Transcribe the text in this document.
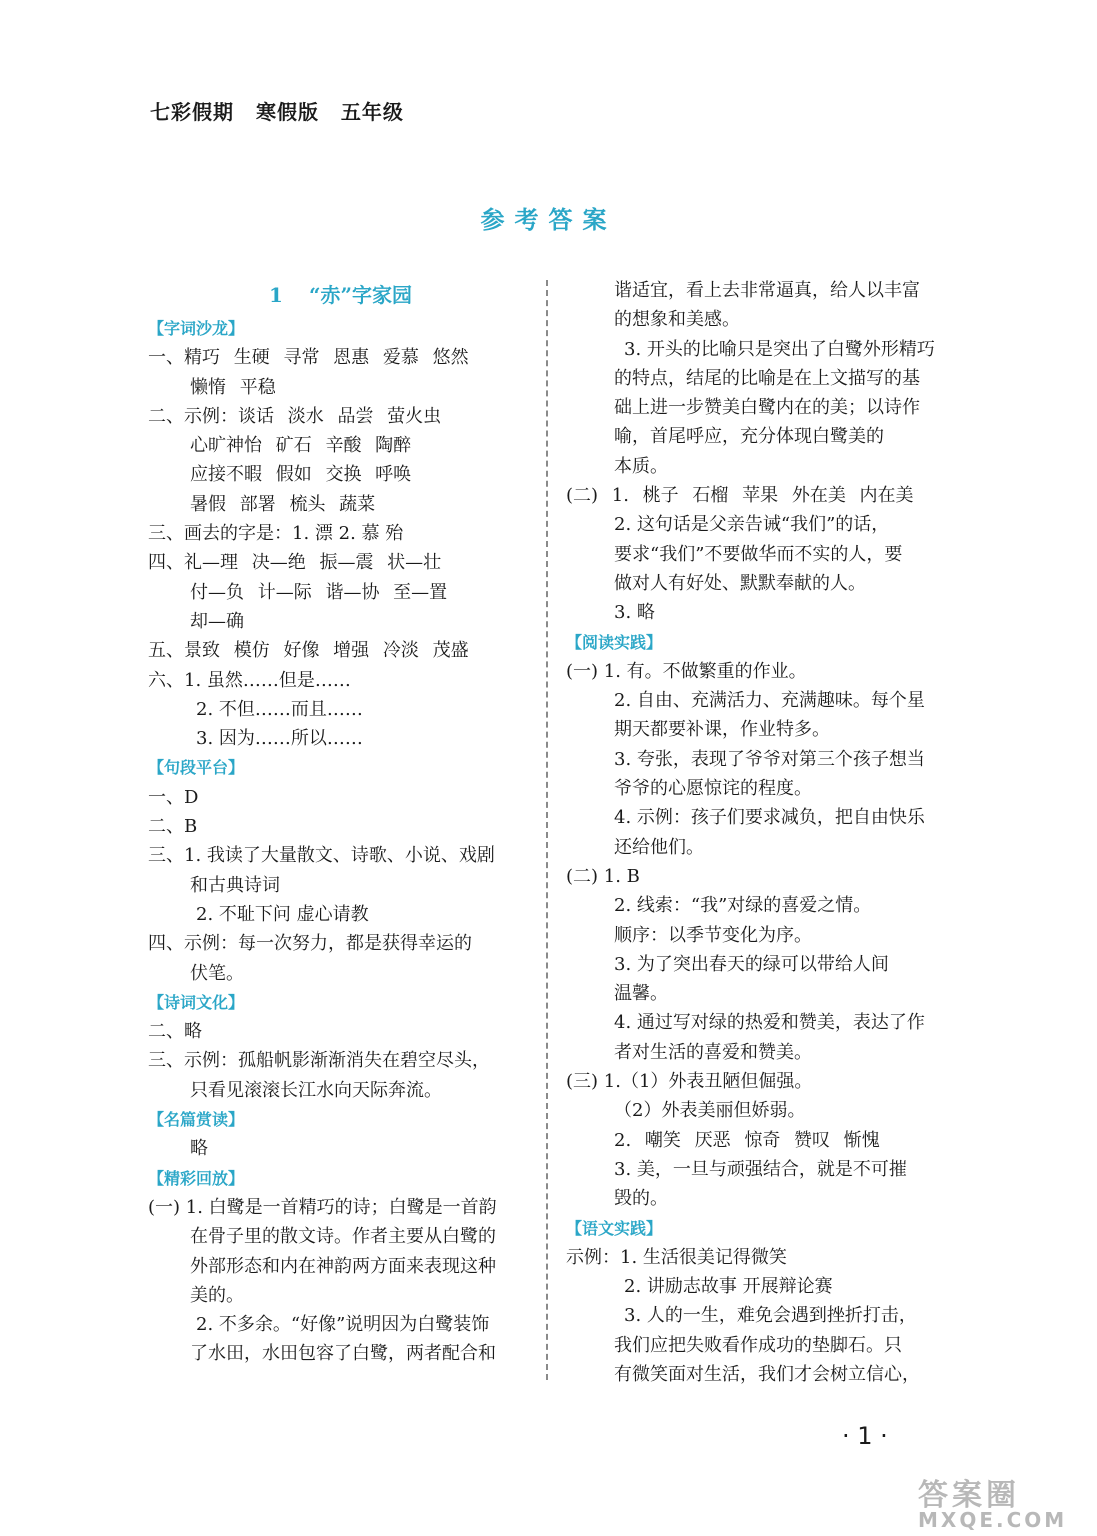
七彩假期 寒假版 五年级
参考答案
1 “赤”字家园
【字词沙龙】
一、精巧 生硬 寻常 恩惠 爱慕 悠然
懒惰 平稳
二、示例：谈话 淡水 品尝 萤火虫
心旷神怡 矿石 辛酸 陶醉
应接不暇 假如 交换 呼唤
暑假 部署 梳头 蔬菜
三、画去的字是：1. 漂 2. 慕 殆
四、礼—理 决—绝 振—震 状—壮
付—负 计—际 谐—协 至—置
却—确
五、景致 模仿 好像 增强 冷淡 茂盛
六、1. 虽然……但是……
2. 不但……而且……
3. 因为……所以……
【句段平台】
一、D
二、B
三、1. 我读了大量散文、诗歌、小说、戏剧
和古典诗词
2. 不耻下问 虚心请教
四、示例：每一次努力，都是获得幸运的
伏笔。
【诗词文化】
二、略
三、示例：孤船帆影渐渐消失在碧空尽头，
只看见滚滚长江水向天际奔流。
【名篇赏读】
略
【精彩回放】
(一) 1. 白鹭是一首精巧的诗；白鹭是一首韵
在骨子里的散文诗。作者主要从白鹭的
外部形态和内在神韵两方面来表现这种
美的。
2. 不多余。“好像”说明因为白鹭装饰
了水田，水田包容了白鹭，两者配合和
谐适宜，看上去非常逼真，给人以丰富
的想象和美感。
3. 开头的比喻只是突出了白鹭外形精巧
的特点，结尾的比喻是在上文描写的基
础上进一步赞美白鹭内在的美；以诗作
喻，首尾呼应，充分体现白鹭美的
本质。
(二) 1. 桃子 石榴 苹果 外在美 内在美
2. 这句话是父亲告诫“我们”的话，
要求“我们”不要做华而不实的人，要
做对人有好处、默默奉献的人。
3. 略
【阅读实践】
(一) 1. 有。不做繁重的作业。
2. 自由、充满活力、充满趣味。每个星
期天都要补课，作业特多。
3. 夸张，表现了爷爷对第三个孩子想当
爷爷的心愿惊诧的程度。
4. 示例：孩子们要求减负，把自由快乐
还给他们。
(二) 1. B
2. 线索：“我”对绿的喜爱之情。
顺序：以季节变化为序。
3. 为了突出春天的绿可以带给人间
温馨。
4. 通过写对绿的热爱和赞美，表达了作
者对生活的喜爱和赞美。
(三) 1.（1）外表丑陋但倔强。
（2）外表美丽但娇弱。
2. 嘲笑 厌恶 惊奇 赞叹 惭愧
3. 美，一旦与顽强结合，就是不可摧
毁的。
【语文实践】
示例：1. 生活很美记得微笑
2. 讲励志故事 开展辩论赛
3. 人的一生，难免会遇到挫折打击，
我们应把失败看作成功的垫脚石。只
有微笑面对生活，我们才会树立信心，
· 1 ·
答案圈
MXQE.COM
